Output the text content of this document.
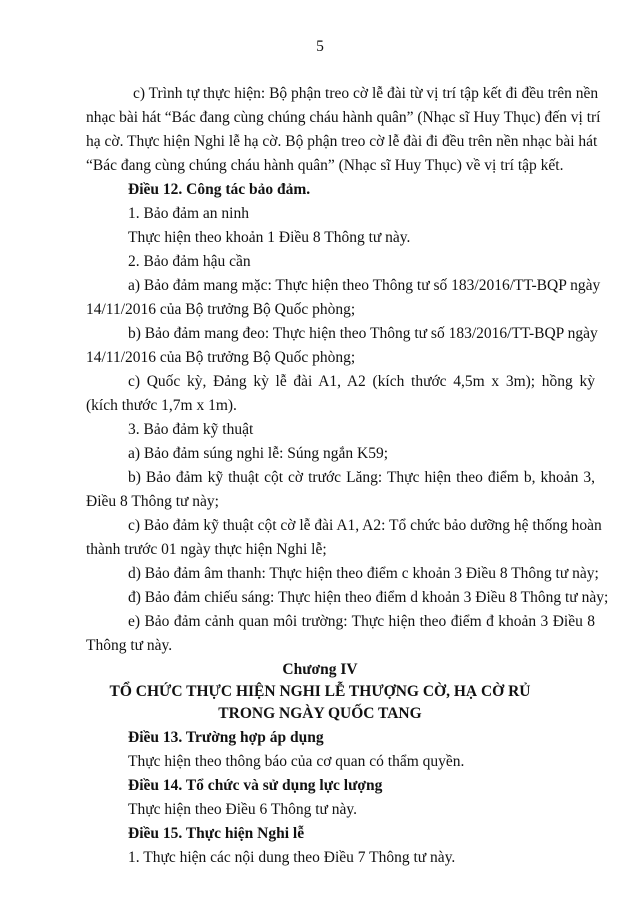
5

c) Trình tự thực hiện: Bộ phận treo cờ lễ đài từ vị trí tập kết đi đều trên nền

nhạc bài hát “Bác đang cùng chúng cháu hành quân” (Nhạc sĩ Huy Thục) đến vị trí

hạ cờ. Thực hiện Nghi lễ hạ cờ. Bộ phận treo cờ lễ đài đi đều trên nền nhạc bài hát

“Bác đang cùng chúng cháu hành quân” (Nhạc sĩ Huy Thục) về vị trí tập kết.

Điều 12. Công tác bảo đảm.

1. Bảo đảm an ninh

Thực hiện theo khoản 1 Điều 8 Thông tư này.

2. Bảo đảm hậu cần

a) Bảo đảm mang mặc: Thực hiện theo Thông tư số 183/2016/TT-BQP ngày

14/11/2016 của Bộ trưởng Bộ Quốc phòng;

b) Bảo đảm mang đeo: Thực hiện theo Thông tư số 183/2016/TT-BQP ngày

14/11/2016 của Bộ trưởng Bộ Quốc phòng;

c) Quốc kỳ, Đảng kỳ lễ đài A1, A2 (kích thước 4,5m x 3m); hồng kỳ

(kích thước 1,7m x 1m).

3. Bảo đảm kỹ thuật

a) Bảo đảm súng nghi lễ: Súng ngắn K59;

b) Bảo đảm kỹ thuật cột cờ trước Lăng: Thực hiện theo điểm b, khoản 3,

Điều 8 Thông tư này;

c) Bảo đảm kỹ thuật cột cờ lễ đài A1, A2: Tổ chức bảo dưỡng hệ thống hoàn

thành trước 01 ngày thực hiện Nghi lễ;

d) Bảo đảm âm thanh: Thực hiện theo điểm c khoản 3 Điều 8 Thông tư này;

đ) Bảo đảm chiếu sáng: Thực hiện theo điểm d khoản 3 Điều 8 Thông tư này;

e) Bảo đảm cảnh quan môi trường: Thực hiện theo điểm đ khoản 3 Điều 8

Thông tư này.

Chương IV

TỔ CHỨC THỰC HIỆN NGHI LỄ THƯỢNG CỜ, HẠ CỜ RỦ

TRONG NGÀY QUỐC TANG

Điều 13. Trường hợp áp dụng

Thực hiện theo thông báo của cơ quan có thẩm quyền.

Điều 14. Tổ chức và sử dụng lực lượng

Thực hiện theo Điều 6 Thông tư này.

Điều 15. Thực hiện Nghi lễ

1. Thực hiện các nội dung theo Điều 7 Thông tư này.
